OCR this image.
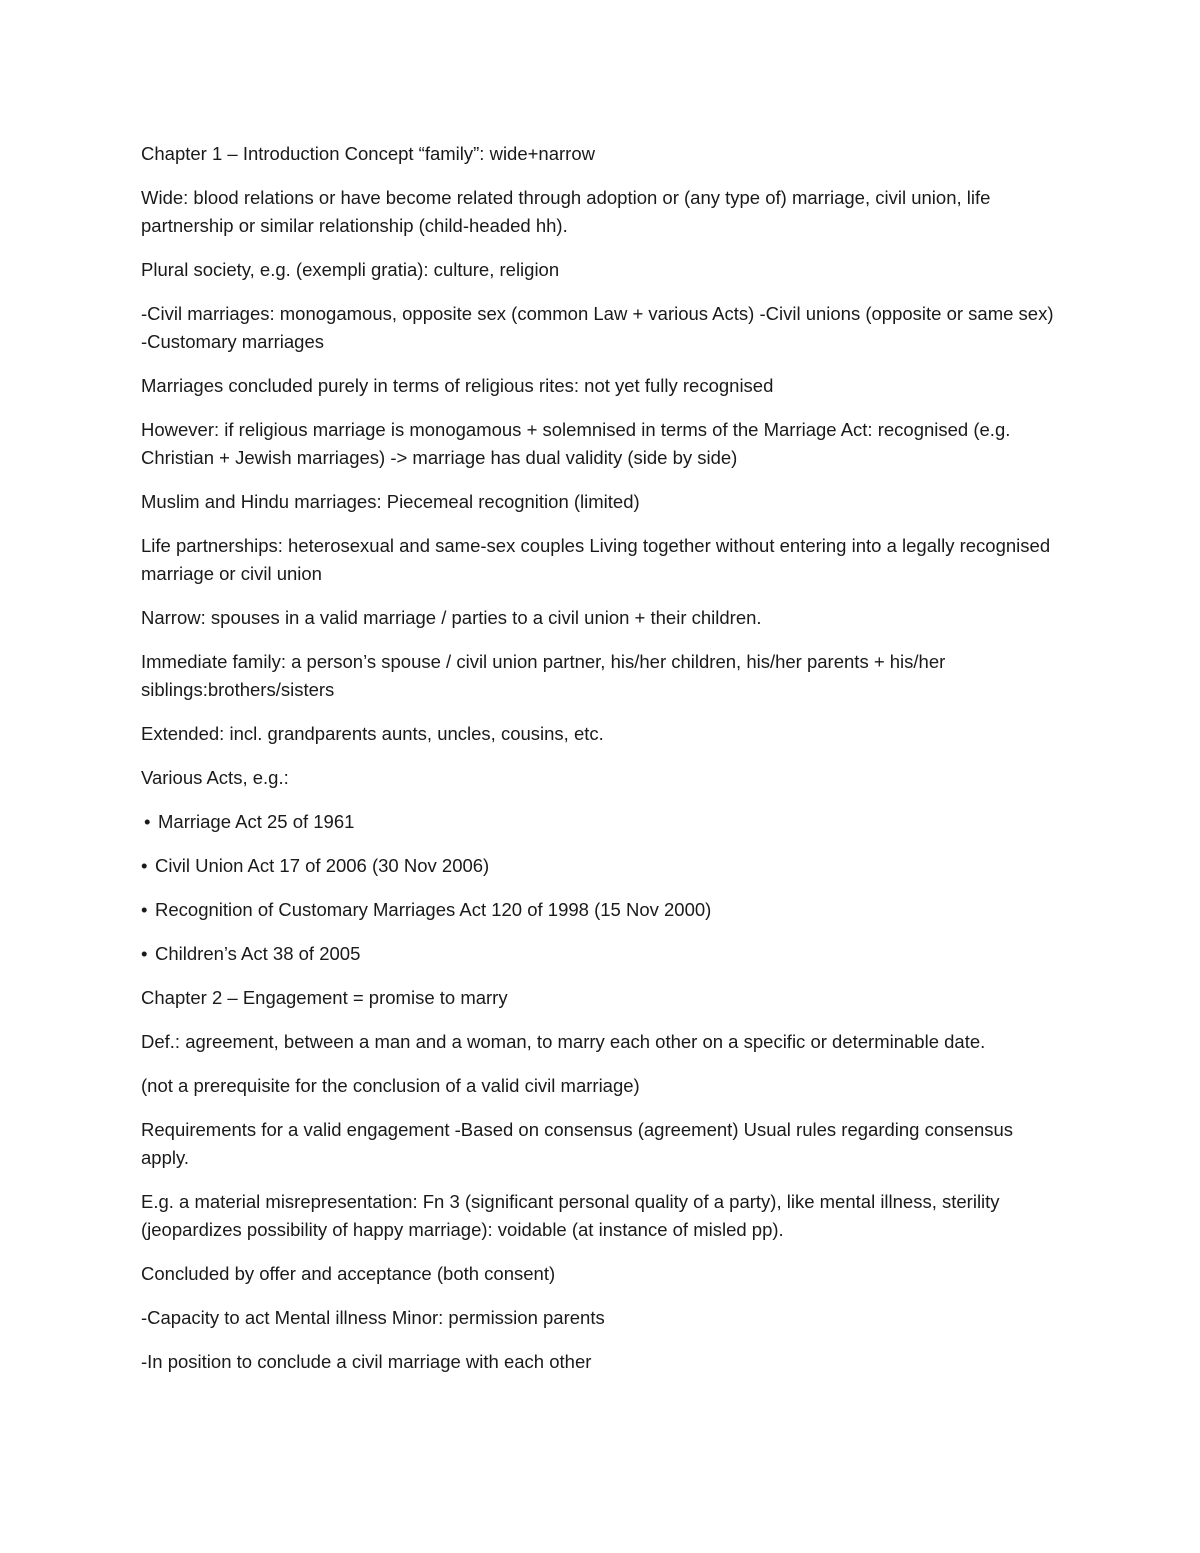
Chapter 1 – Introduction Concept “family”: wide+narrow

Wide: blood relations or have become related through adoption or (any type of) marriage, civil union, life partnership or similar relationship (child-headed hh).

Plural society, e.g. (exempli gratia): culture, religion

-Civil marriages: monogamous, opposite sex (common Law + various Acts) -Civil unions (opposite or same sex) -Customary marriages

Marriages concluded purely in terms of religious rites: not yet fully recognised

However: if religious marriage is monogamous + solemnised in terms of the Marriage Act: recognised (e.g. Christian + Jewish marriages) -> marriage has dual validity (side by side)

Muslim and Hindu marriages: Piecemeal recognition (limited)

Life partnerships: heterosexual and same-sex couples Living together without entering into a legally recognised marriage or civil union

Narrow: spouses in a valid marriage / parties to a civil union + their children.

Immediate family: a person’s spouse / civil union partner, his/her children, his/her parents + his/her siblings:brothers/sisters

Extended: incl. grandparents aunts, uncles, cousins, etc.

Various Acts, e.g.:

• Marriage Act 25 of 1961

• Civil Union Act 17 of 2006 (30 Nov 2006)

• Recognition of Customary Marriages Act 120 of 1998 (15 Nov 2000)

• Children’s Act 38 of 2005

Chapter 2 – Engagement = promise to marry

Def.: agreement, between a man and a woman, to marry each other on a specific or determinable date.

(not a prerequisite for the conclusion of a valid civil marriage)

Requirements for a valid engagement -Based on consensus (agreement) Usual rules regarding consensus apply.

E.g. a material misrepresentation: Fn 3 (significant personal quality of a party), like mental illness, sterility (jeopardizes possibility of happy marriage): voidable (at instance of misled pp).

Concluded by offer and acceptance (both consent)

-Capacity to act Mental illness Minor: permission parents

-In position to conclude a civil marriage with each other
